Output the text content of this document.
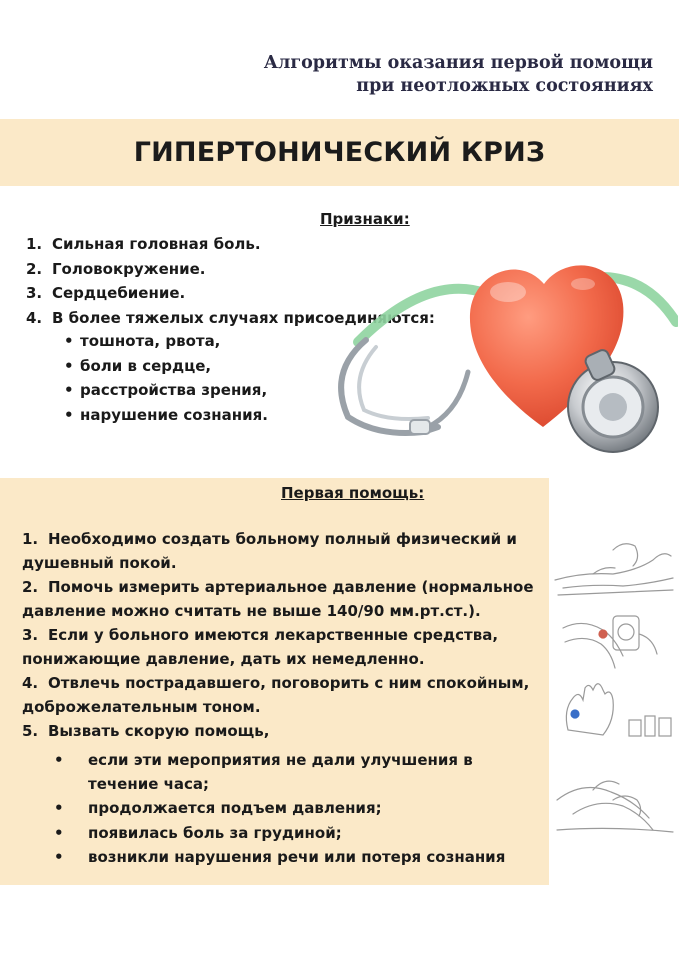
Алгоритмы оказания первой помощи
при неотложных состояниях
ГИПЕРТОНИЧЕСКИЙ КРИЗ
Признаки:
1. Сильная головная боль.
2. Головокружение.
3. Сердцебиение.
4. В более тяжелых случаях присоединяются:
• тошнота, рвота,
• боли в сердце,
• расстройства зрения,
• нарушение сознания.
Первая помощь:
1. Необходимо создать больному полный физический и душевный покой.
2. Помочь измерить артериальное давление (нормальное давление можно считать не выше 140/90 мм.рт.ст.).
3. Если у больного имеются лекарственные средства, понижающие давление, дать их немедленно.
4. Отвлечь пострадавшего, поговорить с ним спокойным, доброжелательным тоном.
5. Вызвать скорую помощь,
•	если эти мероприятия не дали улучшения в течение часа;
•	продолжается подъем давления;
•	появилась боль за грудиной;
•	возникли нарушения речи или потеря сознания
